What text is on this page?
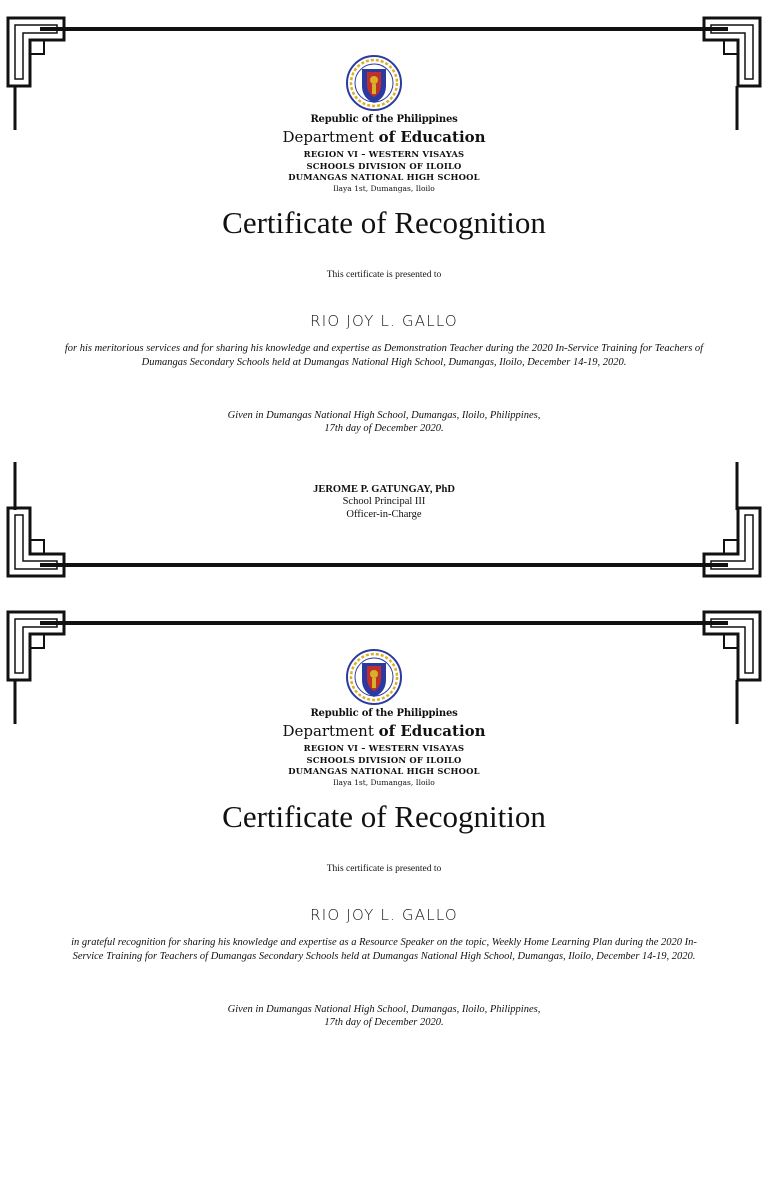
Republic of the Philippines
Department of Education
REGION VI – WESTERN VISAYAS
SCHOOLS DIVISION OF ILOILO
DUMANGAS NATIONAL HIGH SCHOOL
Ilaya 1st, Dumangas, Iloilo
Certificate of Recognition
This certificate is presented to
RIO JOY L. GALLO
for his meritorious services and for sharing his knowledge and expertise as Demonstration Teacher during the 2020 In-Service Training for Teachers of Dumangas Secondary Schools held at Dumangas National High School, Dumangas, Iloilo, December 14-19, 2020.
Given in Dumangas National High School, Dumangas, Iloilo, Philippines,
17th day of December 2020.
JEROME P. GATUNGAY, PhD
School Principal III
Officer-in-Charge
Republic of the Philippines
Department of Education
REGION VI – WESTERN VISAYAS
SCHOOLS DIVISION OF ILOILO
DUMANGAS NATIONAL HIGH SCHOOL
Ilaya 1st, Dumangas, Iloilo
Certificate of Recognition
This certificate is presented to
RIO JOY L. GALLO
in grateful recognition for sharing his knowledge and expertise as a Resource Speaker on the topic, Weekly Home Learning Plan during the 2020 In-Service Training for Teachers of Dumangas Secondary Schools held at Dumangas National High School, Dumangas, Iloilo, December 14-19, 2020.
Given in Dumangas National High School, Dumangas, Iloilo, Philippines,
17th day of December 2020.
